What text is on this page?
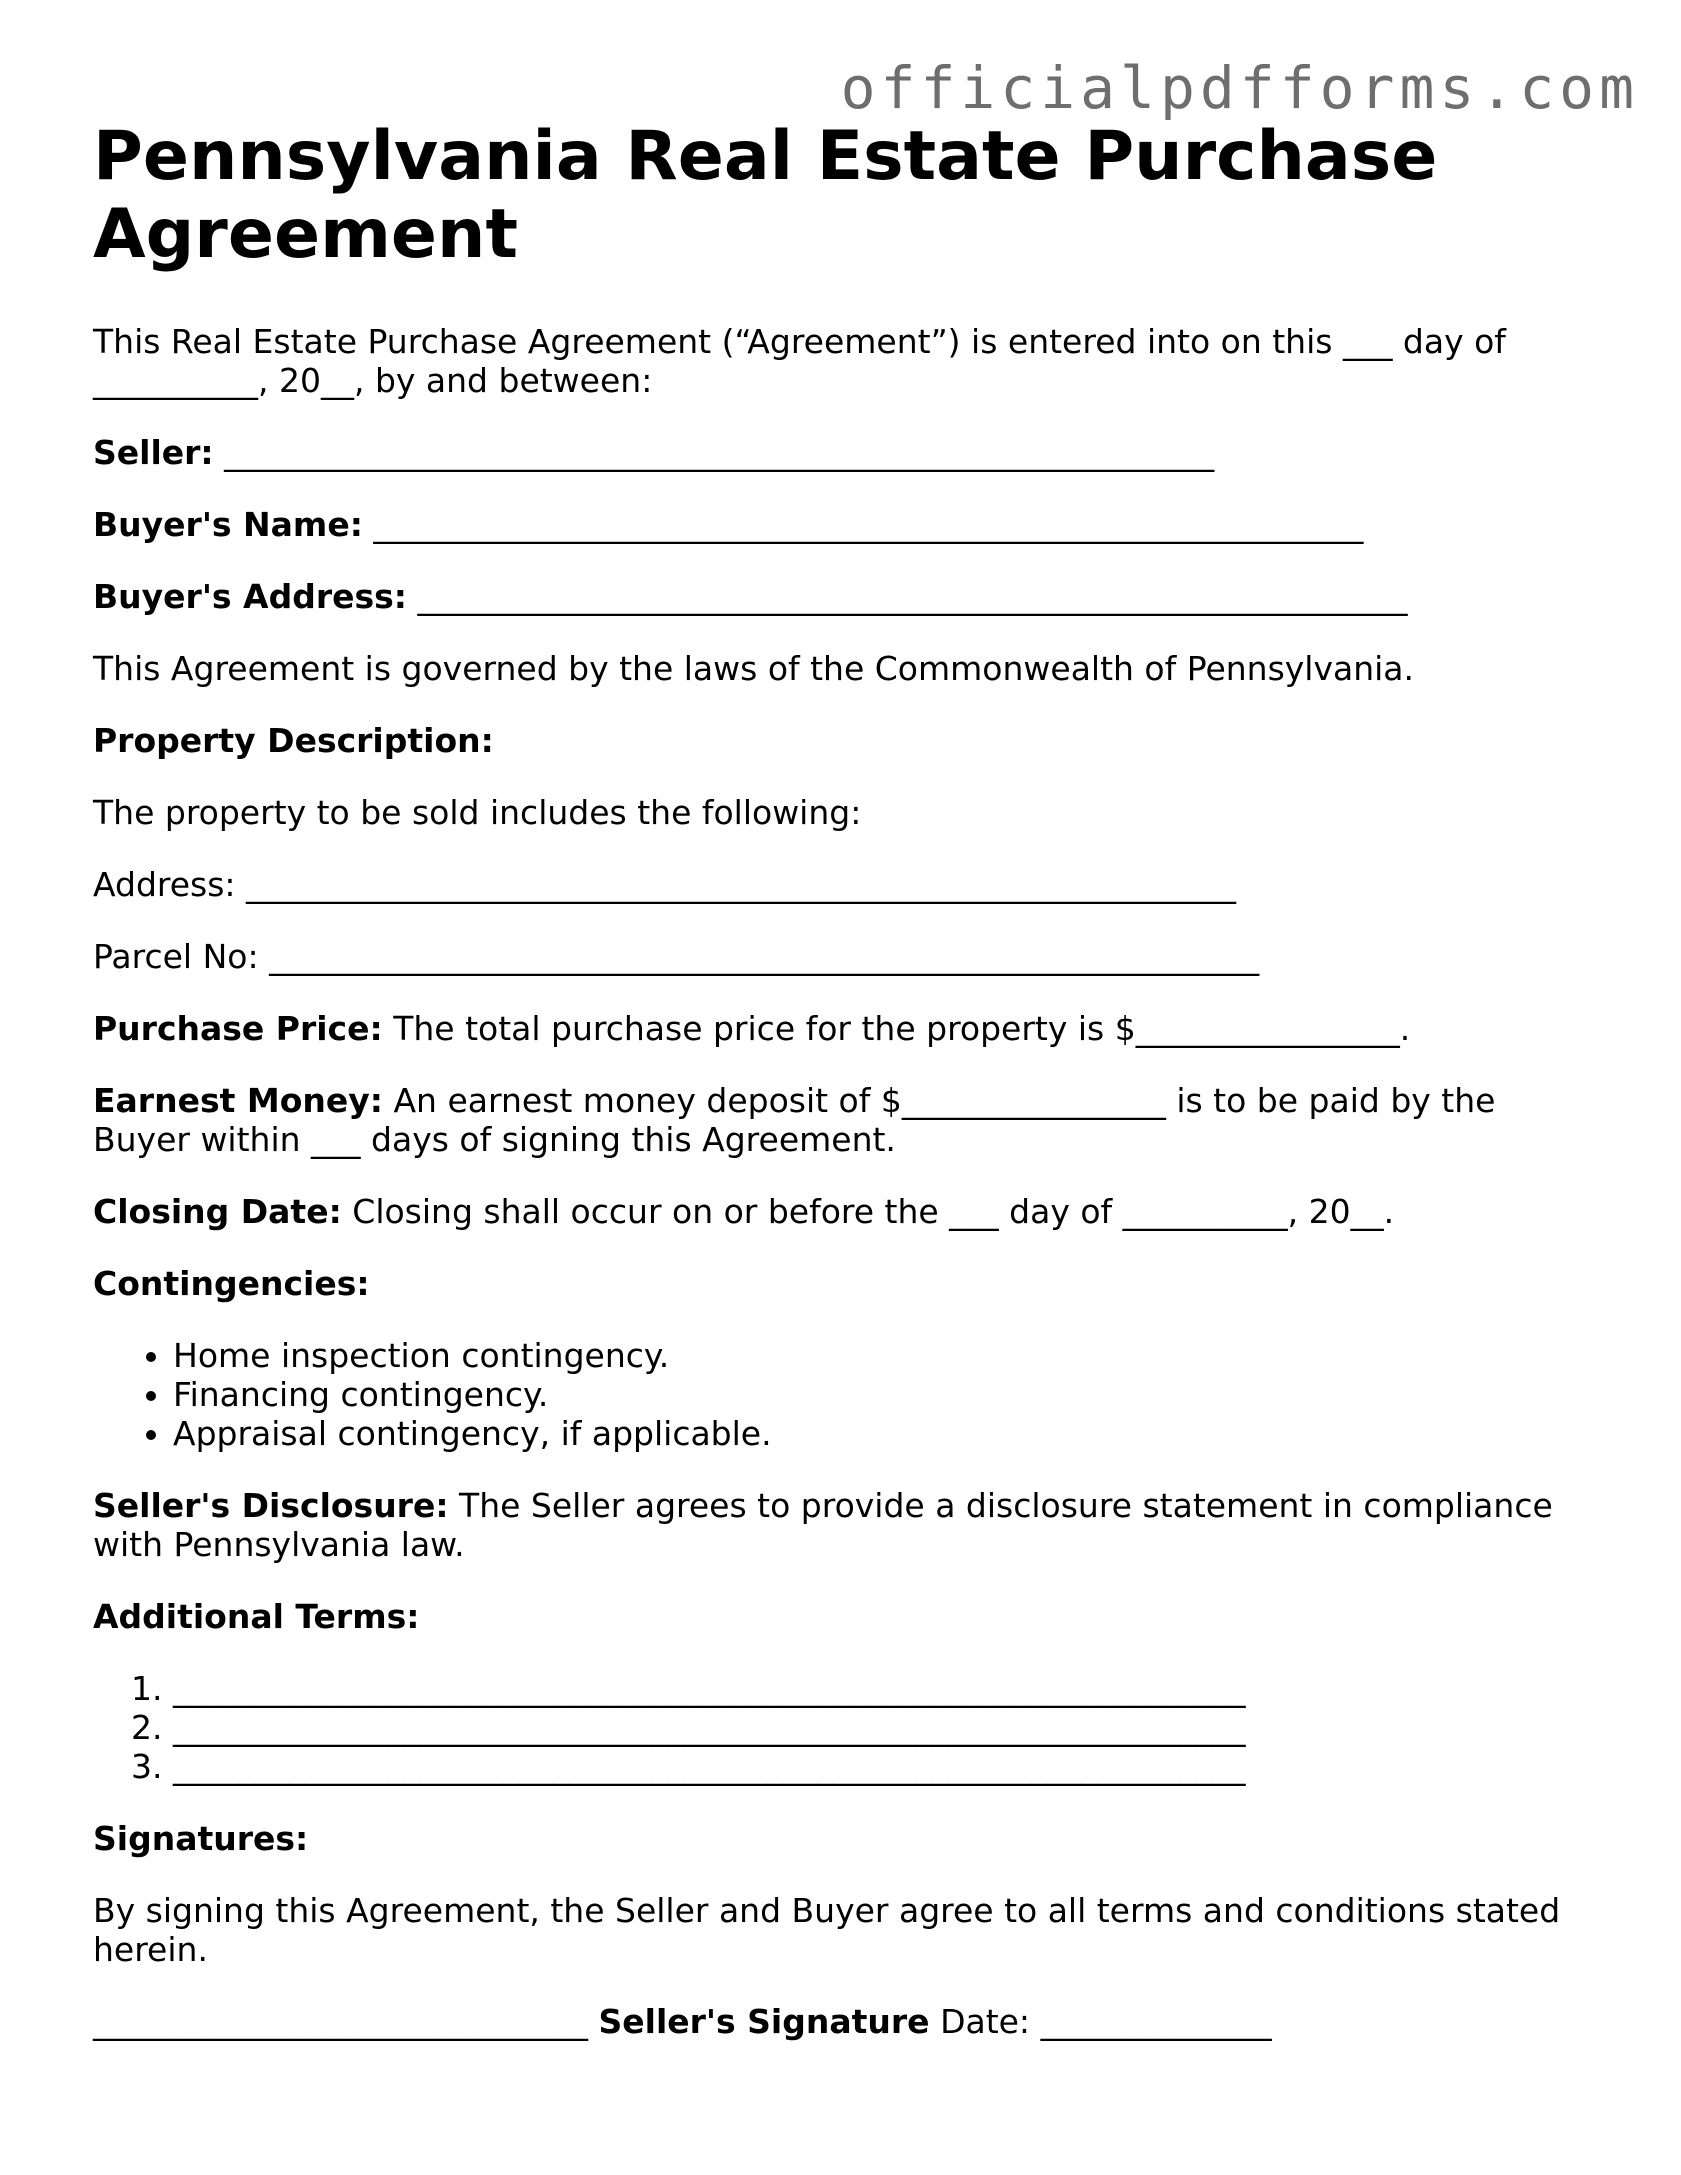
officialpdfforms.com
Pennsylvania Real Estate Purchase Agreement

This Real Estate Purchase Agreement (“Agreement”) is entered into on this ___ day of __________, 20__, by and between:

Seller: ____________________________________________________________

Buyer's Name: ____________________________________________________________

Buyer's Address: ____________________________________________________________

This Agreement is governed by the laws of the Commonwealth of Pennsylvania.

Property Description:

The property to be sold includes the following:

Address: ____________________________________________________________

Parcel No: ____________________________________________________________

Purchase Price: The total purchase price for the property is $________________.

Earnest Money: An earnest money deposit of $________________ is to be paid by the Buyer within ___ days of signing this Agreement.

Closing Date: Closing shall occur on or before the ___ day of __________, 20__.

Contingencies:

• Home inspection contingency.
• Financing contingency.
• Appraisal contingency, if applicable.

Seller's Disclosure: The Seller agrees to provide a disclosure statement in compliance with Pennsylvania law.

Additional Terms:

1. _________________________________________________________________
2. _________________________________________________________________
3. _________________________________________________________________

Signatures:

By signing this Agreement, the Seller and Buyer agree to all terms and conditions stated herein.

______________________________ Seller's Signature Date: ______________
